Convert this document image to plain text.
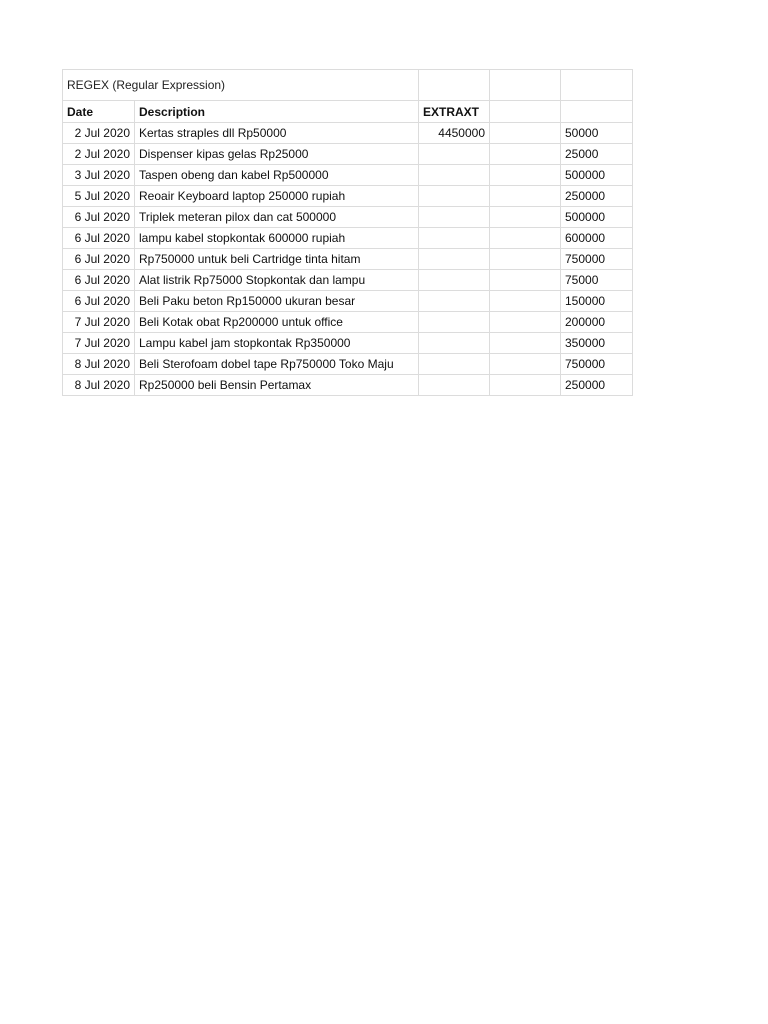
REGEX (Regular Expression)				
Date	Description	EXTRAXT		
2 Jul 2020	Kertas straples dll Rp50000	4450000		50000
2 Jul 2020	Dispenser kipas gelas Rp25000			25000
3 Jul 2020	Taspen obeng dan kabel Rp500000			500000
5 Jul 2020	Reoair Keyboard laptop 250000 rupiah			250000
6 Jul 2020	Triplek meteran pilox dan cat 500000			500000
6 Jul 2020	lampu kabel stopkontak 600000 rupiah			600000
6 Jul 2020	Rp750000 untuk beli Cartridge tinta hitam			750000
6 Jul 2020	Alat listrik Rp75000 Stopkontak dan lampu			75000
6 Jul 2020	Beli Paku beton Rp150000 ukuran besar			150000
7 Jul 2020	Beli Kotak obat Rp200000 untuk office			200000
7 Jul 2020	Lampu kabel jam stopkontak Rp350000			350000
8 Jul 2020	Beli Sterofoam dobel tape Rp750000 Toko Maju			750000
8 Jul 2020	Rp250000 beli Bensin Pertamax			250000
